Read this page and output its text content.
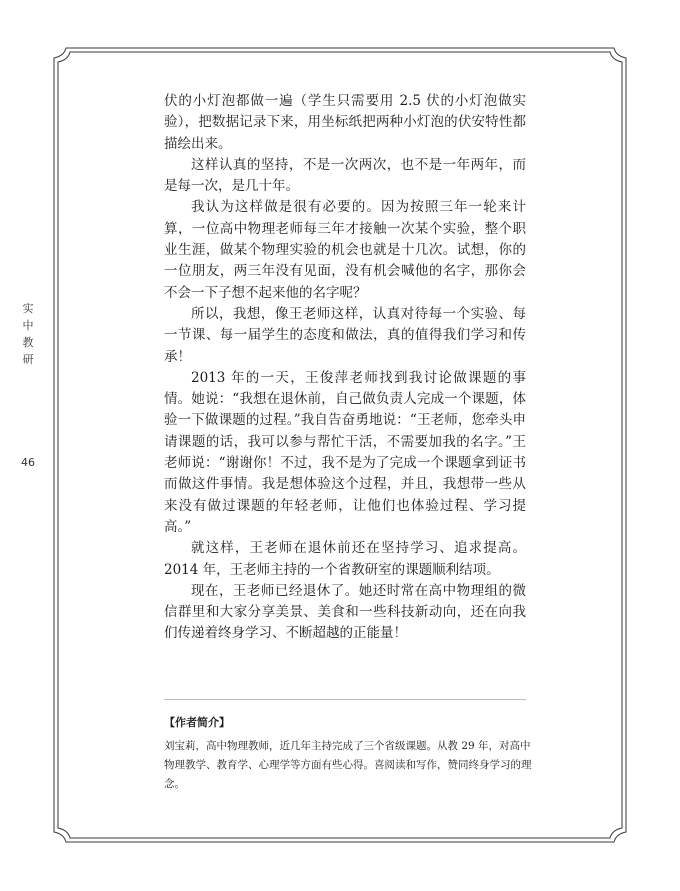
实
中
教
研
46

伏的小灯泡都做一遍（学生只需要用 2.5 伏的小灯泡做实验），把数据记录下来，用坐标纸把两种小灯泡的伏安特性都描绘出来。

这样认真的坚持，不是一次两次，也不是一年两年，而是每一次，是几十年。

我认为这样做是很有必要的。因为按照三年一轮来计算，一位高中物理老师每三年才接触一次某个实验，整个职业生涯，做某个物理实验的机会也就是十几次。试想，你的一位朋友，两三年没有见面，没有机会喊他的名字，那你会不会一下子想不起来他的名字呢？

所以，我想，像王老师这样，认真对待每一个实验、每一节课、每一届学生的态度和做法，真的值得我们学习和传承！

2013 年的一天，王俊萍老师找到我讨论做课题的事情。她说：“我想在退休前，自己做负责人完成一个课题，体验一下做课题的过程。”我自告奋勇地说：“王老师，您牵头申请课题的话，我可以参与帮忙干活，不需要加我的名字。”王老师说：“谢谢你！不过，我不是为了完成一个课题拿到证书而做这件事情。我是想体验这个过程，并且，我想带一些从来没有做过课题的年轻老师，让他们也体验过程、学习提高。”

就这样，王老师在退休前还在坚持学习、追求提高。2014 年，王老师主持的一个省教研室的课题顺利结项。

现在，王老师已经退休了。她还时常在高中物理组的微信群里和大家分享美景、美食和一些科技新动向，还在向我们传递着终身学习、不断超越的正能量！

【作者简介】
刘宝莉，高中物理教师，近几年主持完成了三个省级课题。从教 29 年，对高中物理教学、教育学、心理学等方面有些心得。喜阅读和写作，赞同终身学习的理念。
